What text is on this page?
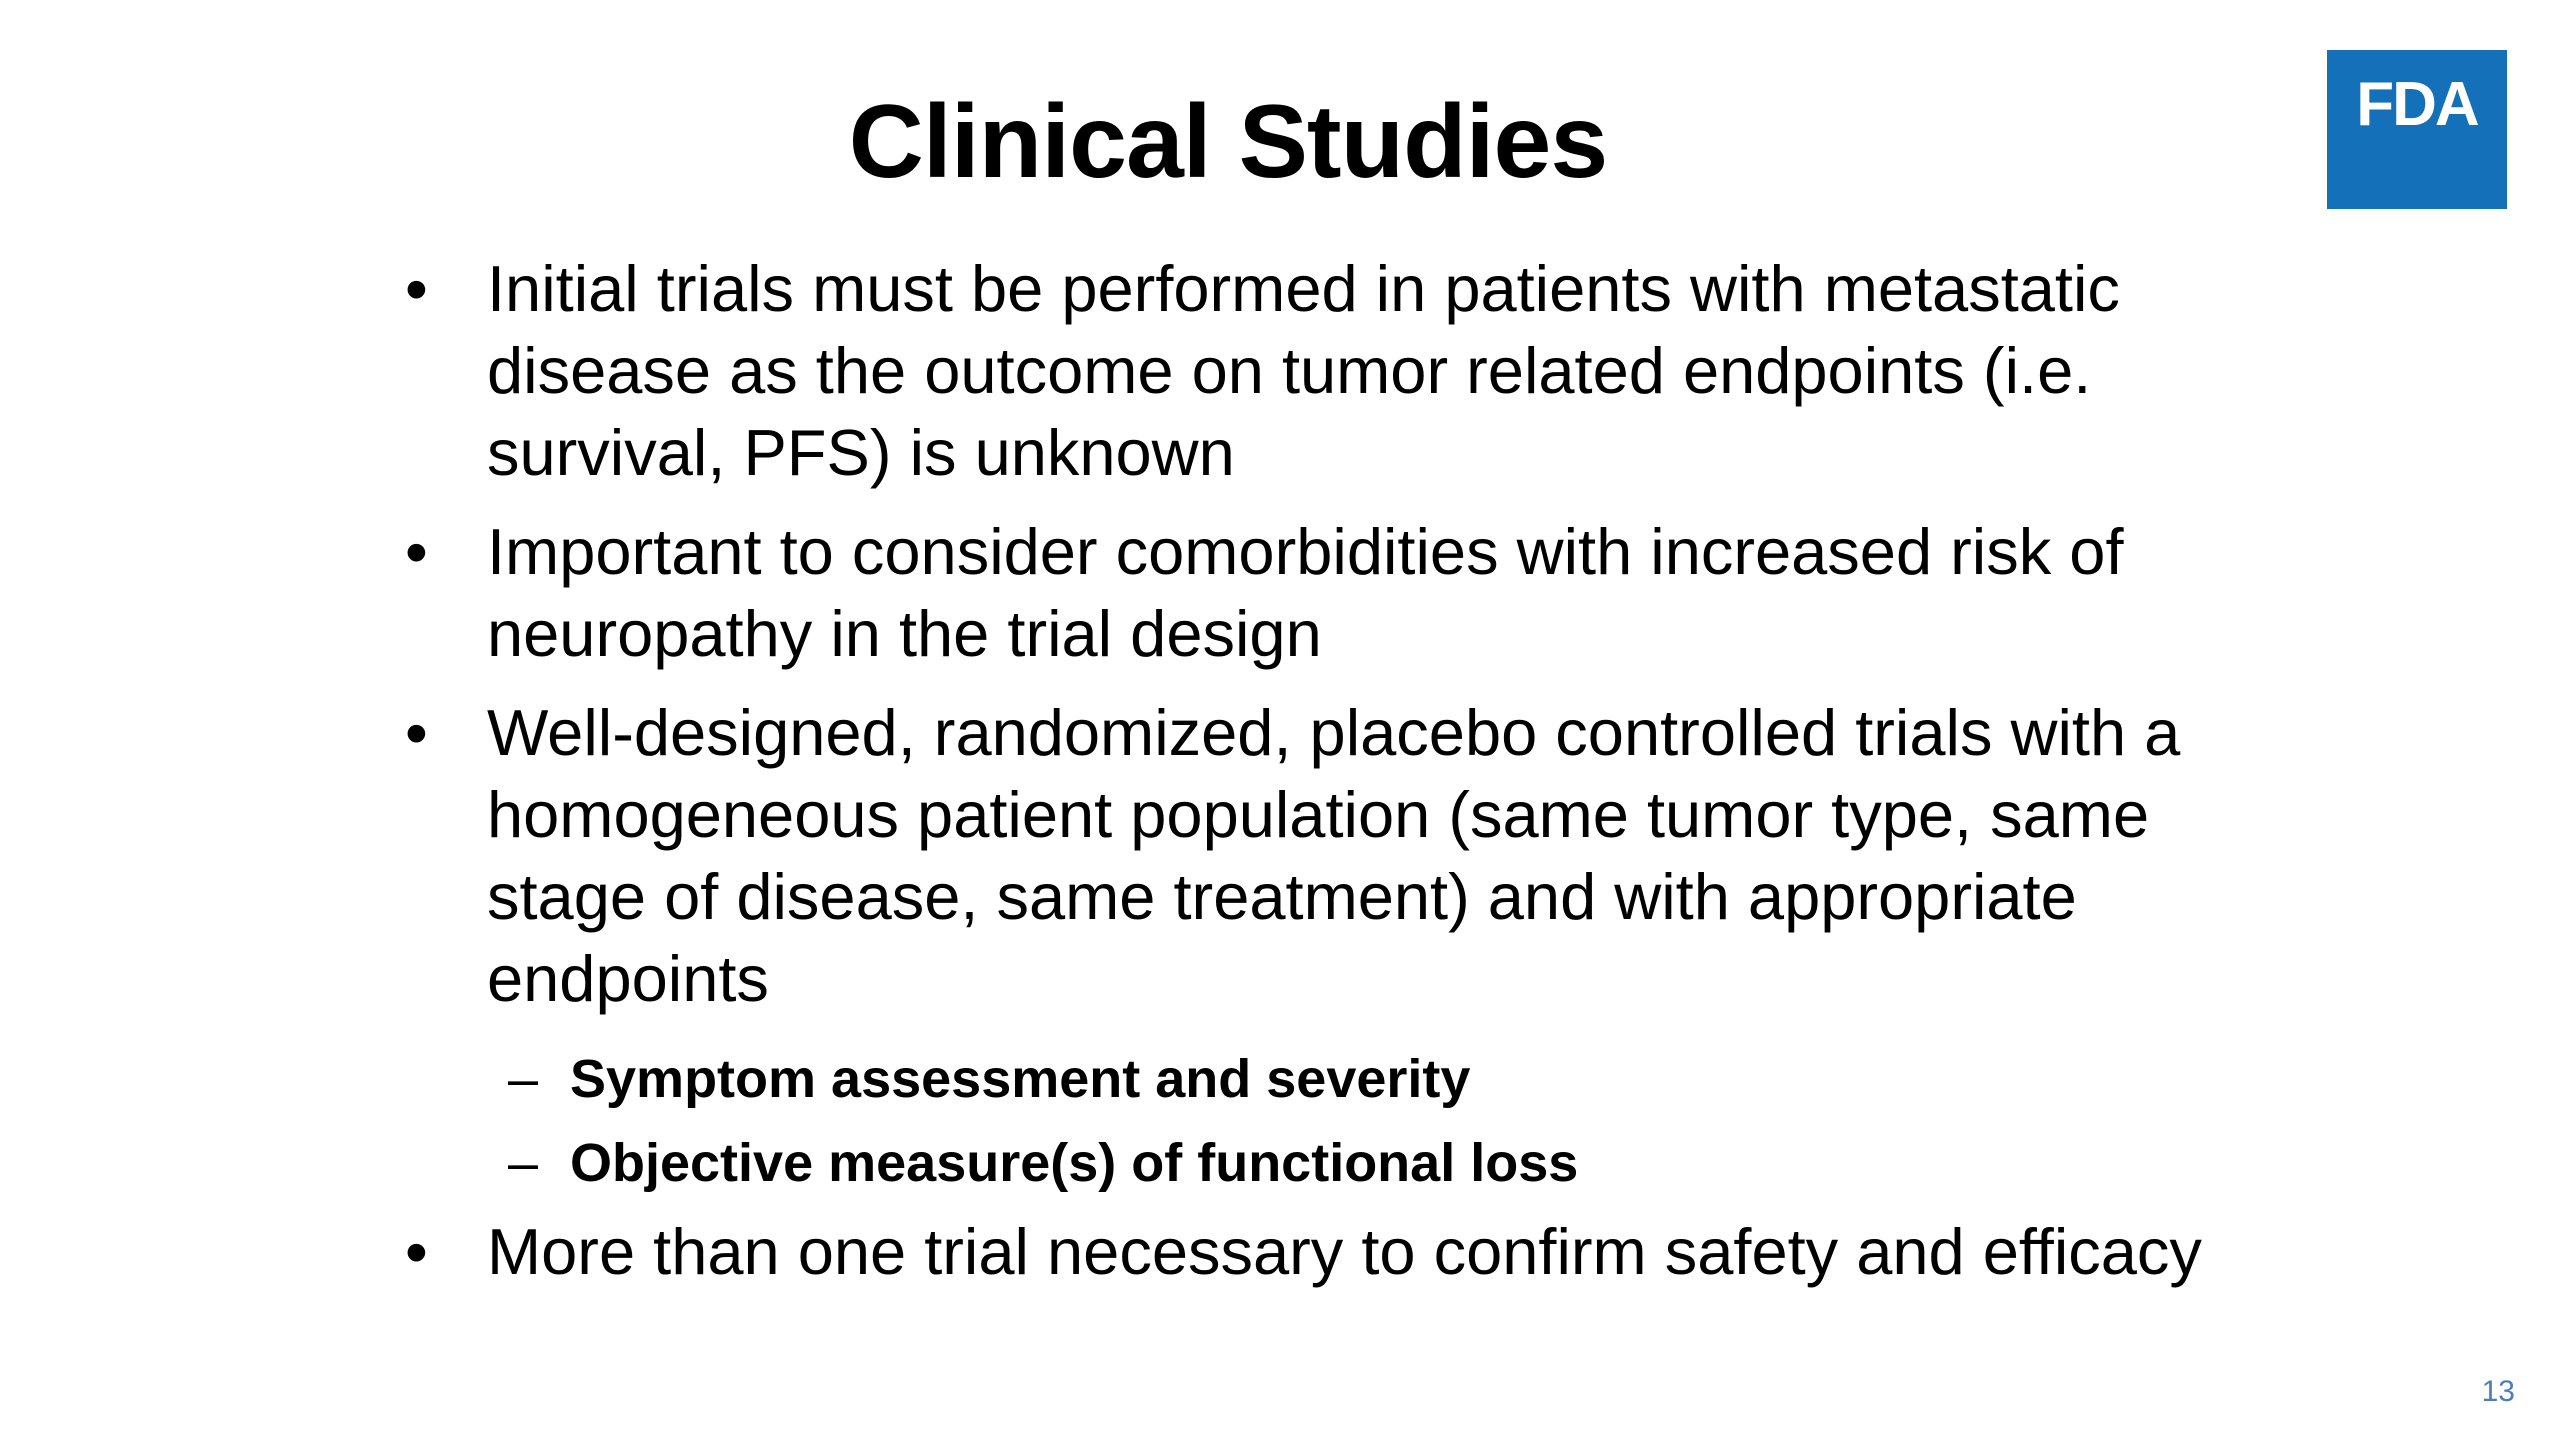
Clinical Studies	FDA
• Initial trials must be performed in patients with metastatic disease as the outcome on tumor related endpoints (i.e. survival, PFS) is unknown
• Important to consider comorbidities with increased risk of neuropathy in the trial design
• Well-designed, randomized, placebo controlled trials with a homogeneous patient population (same tumor type, same stage of disease, same treatment) and with appropriate endpoints
– Symptom assessment and severity
– Objective measure(s) of functional loss
• More than one trial necessary to confirm safety and efficacy
13
